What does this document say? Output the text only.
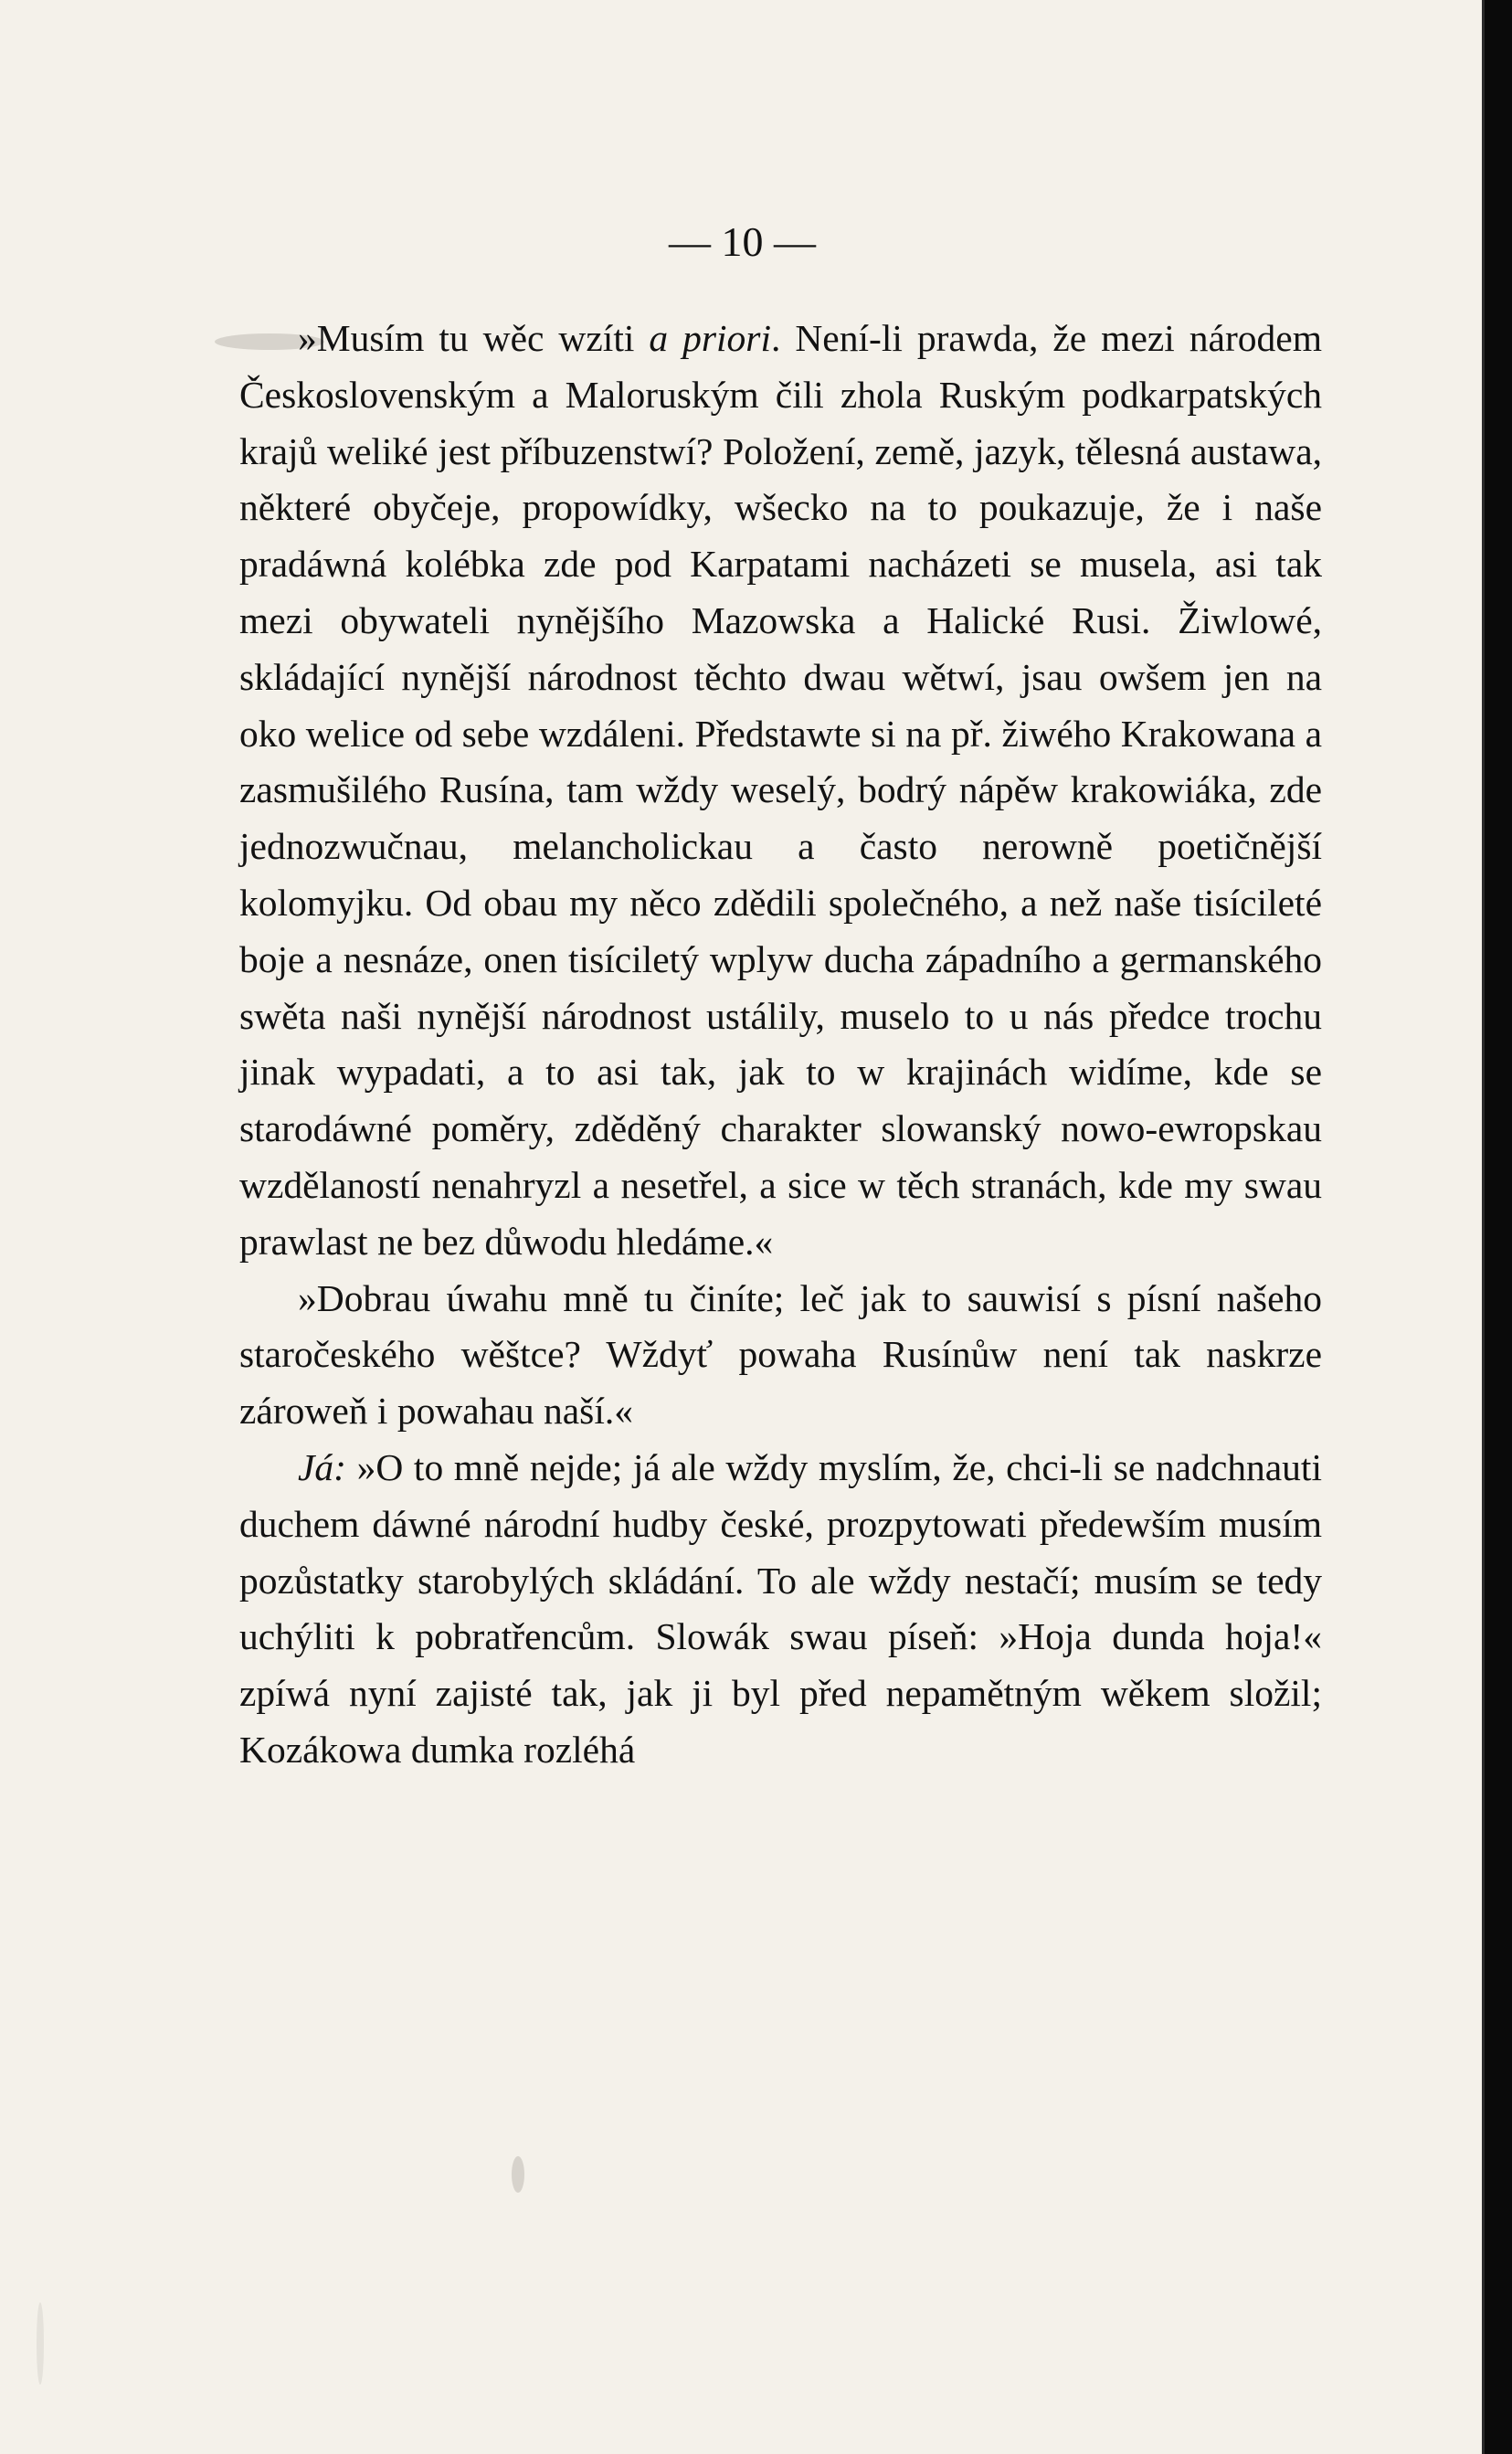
— 10 —

»Musím tu wěc wzíti a priori. Není-li prawda, že mezi národem Československým a Maloruským čili zhola Ruským podkarpatských krajů weliké jest příbuzenstwí? Položení, země, jazyk, tělesná austawa, některé obyčeje, propowídky, wšecko na to poukazuje, že i naše pradáwná kolébka zde pod Karpatami nacházeti se musela, asi tak mezi obywateli nynějšího Mazowska a Halické Rusi. Žiwlowé, skládající nynější národnost těchto dwau wětwí, jsau owšem jen na oko welice od sebe wzdáleni. Předstawte si na př. žiwého Krakowana a zasmušilého Rusína, tam wždy weselý, bodrý nápěw krakowiáka, zde jednozwučnau, melancholickau a často nerowně poetičnější kolomyjku. Od obau my něco zdědili společného, a než naše tisícileté boje a nesnáze, onen tisíciletý wplyw ducha západního a germanského swěta naši nynější národnost ustálily, muselo to u nás předce trochu jinak wypadati, a to asi tak, jak to w krajinách widíme, kde se starodáwné poměry, zděděný charakter slowanský nowo-ewropskau wzdělaností nenahryzl a nesetřel, a sice w těch stranách, kde my swau prawlast ne bez důwodu hledáme.«

»Dobrau úwahu mně tu činíte; leč jak to sauwisí s písní našeho staročeského wěštce? Wždyť powaha Rusínůw není tak naskrze zároweň i powahau naší.«

Já: »O to mně nejde; já ale wždy myslím, že, chci-li se nadchnauti duchem dáwné národní hudby české, prozpytowati předewším musím pozůstatky starobylých skládání. To ale wždy nestačí; musím se tedy uchýliti k pobratřencům. Slowák swau píseň: »Hoja dunda hoja!« zpíwá nyní zajisté tak, jak ji byl před nepamětným wěkem složil; Kozákowa dumka rozléhá
